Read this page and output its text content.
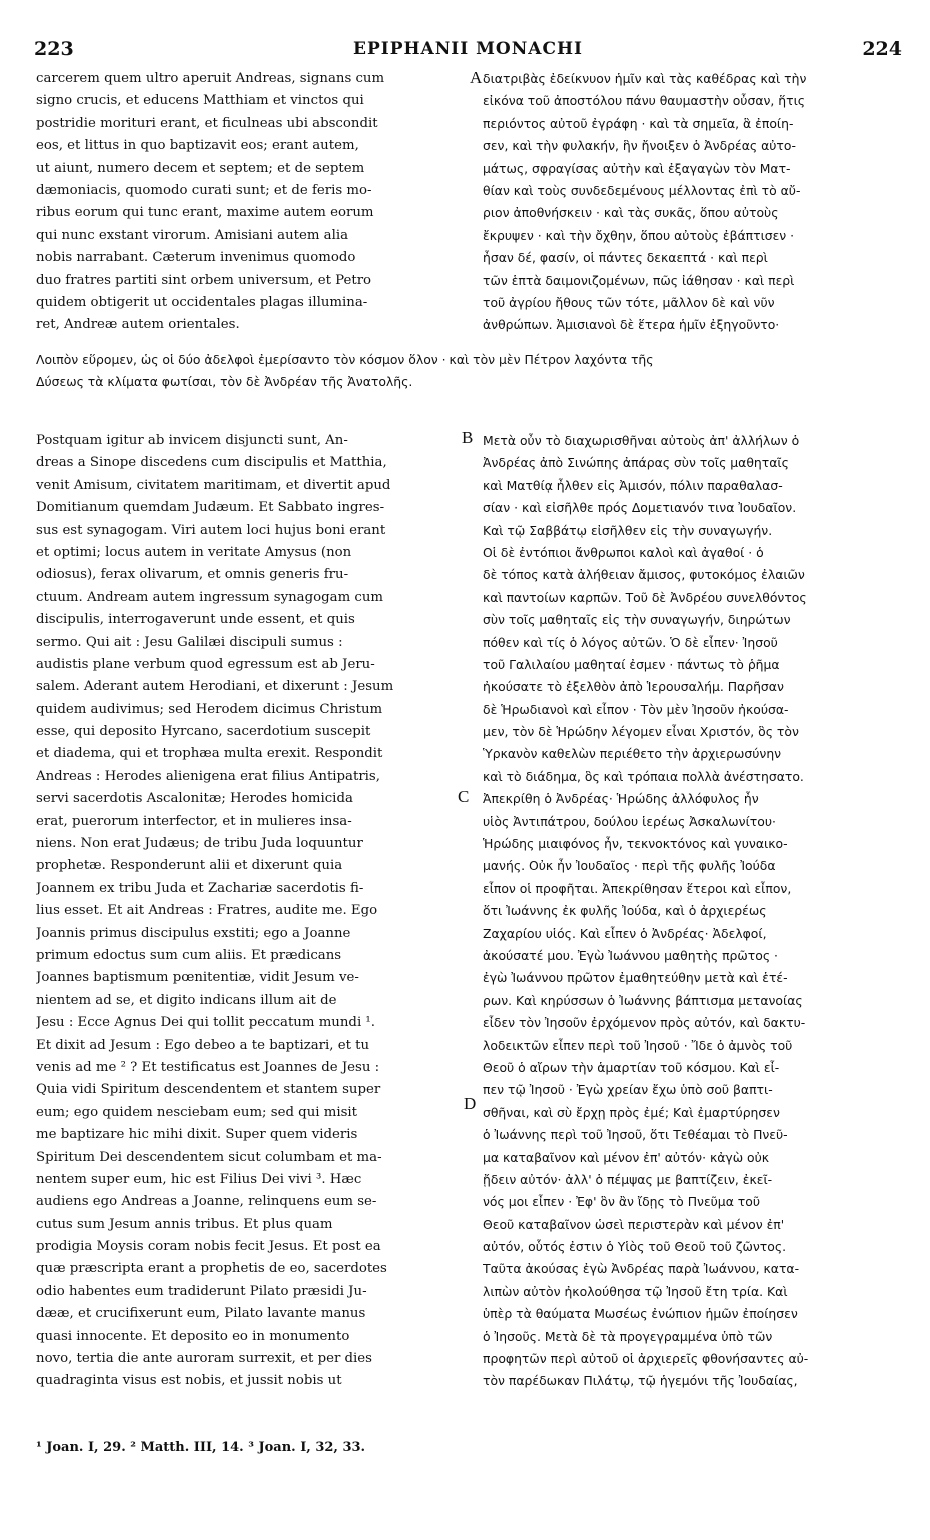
223	EPIPHANII MONACHI	224
carcerem quem ultro aperuit Andreas, signans cum
signo crucis, et educens Matthiam et vinctos qui
postridie morituri erant, et ficulneas ubi abscondit
eos, et littus in quo baptizavit eos; erant autem,
ut aiunt, numero decem et septem; et de septem
dæmoniacis, quomodo curati sunt; et de feris mo-
ribus eorum qui tunc erant, maxime autem eorum
qui nunc exstant virorum. Amisiani autem alia
nobis narrabant. Cæterum invenimus quomodo
duo fratres partiti sint orbem universum, et Petro
quidem obtigerit ut occidentales plagas illumina-
ret, Andreæ autem orientales.
A διατριβὰς ἐδείκνυον ἡμῖν καὶ τὰς καθέδρας καὶ τὴν
εἰκόνα τοῦ ἀποστόλου πάνυ θαυμαστὴν οὖσαν, ἥτις
περιόντος αὐτοῦ ἐγράφη · καὶ τὰ σημεῖα, ἃ ἐποίη-
σεν, καὶ τὴν φυλακήν, ἣν ἤνοιξεν ὁ Ἀνδρέας αὐτο-
μάτως, σφραγίσας αὐτὴν καὶ ἐξαγαγὼν τὸν Ματ-
θίαν καὶ τοὺς συνδεδεμένους μέλλοντας ἐπὶ τὸ αὔ-
ριον ἀποθνήσκειν · καὶ τὰς συκᾶς, ὅπου αὐτοὺς
ἔκρυψεν · καὶ τὴν ὄχθην, ὅπου αὐτοὺς ἐβάπτισεν ·
ἦσαν δέ, φασίν, οἱ πάντες δεκαεπτά · καὶ περὶ
τῶν ἑπτὰ δαιμονιζομένων, πῶς ἰάθησαν · καὶ περὶ
τοῦ ἀγρίου ἤθους τῶν τότε, μᾶλλον δὲ καὶ νῦν
ἀνθρώπων. Ἀμισιανοὶ δὲ ἕτερα ἡμῖν ἐξηγοῦντο·
Λοιπὸν εὕρομεν, ὡς οἱ δύο ἀδελφοὶ ἐμερίσαντο τὸν κόσμον ὅλον · καὶ τὸν μὲν Πέτρον λαχόντα τῆς
Δύσεως τὰ κλίματα φωτίσαι, τὸν δὲ Ἀνδρέαν τῆς Ἀνατολῆς.
Postquam igitur ab invicem disjuncti sunt, An-
dreas a Sinope discedens cum discipulis et Matthia,
venit Amisum, civitatem maritimam, et divertit apud
Domitianum quemdam Judæum. Et Sabbato ingres-
sus est synagogam. Viri autem loci hujus boni erant
et optimi; locus autem in veritate Amysus (non
odiosus), ferax olivarum, et omnis generis fru-
ctuum. Andream autem ingressum synagogam cum
discipulis, interrogaverunt unde essent, et quis
sermo. Qui ait : Jesu Galilæi discipuli sumus :
audistis plane verbum quod egressum est ab Jeru-
salem. Aderant autem Herodiani, et dixerunt : Jesum
quidem audivimus; sed Herodem dicimus Christum
esse, qui deposito Hyrcano, sacerdotium suscepit
et diadema, qui et trophæa multa erexit. Respondit
Andreas : Herodes alienigena erat filius Antipatris,
servi sacerdotis Ascalonitæ; Herodes homicida
erat, puerorum interfector, et in mulieres insa-
niens. Non erat Judæus; de tribu Juda loquuntur
prophetæ. Responderunt alii et dixerunt quia
Joannem ex tribu Juda et Zachariæ sacerdotis fi-
lius esset. Et ait Andreas : Fratres, audite me. Ego
Joannis primus discipulus exstiti; ego a Joanne
primum edoctus sum cum aliis. Et prædicans
Joannes baptismum pœnitentiæ, vidit Jesum ve-
nientem ad se, et digito indicans illum ait de
Jesu : Ecce Agnus Dei qui tollit peccatum mundi ¹.
Et dixit ad Jesum : Ego debeo a te baptizari, et tu
venis ad me ² ? Et testificatus est Joannes de Jesu :
Quia vidi Spiritum descendentem et stantem super
eum; ego quidem nesciebam eum; sed qui misit
me baptizare hic mihi dixit. Super quem videris
Spiritum Dei descendentem sicut columbam et ma-
nentem super eum, hic est Filius Dei vivi ³. Hæc
audiens ego Andreas a Joanne, relinquens eum se-
cutus sum Jesum annis tribus. Et plus quam
prodigia Moysis coram nobis fecit Jesus. Et post ea
quæ præscripta erant a prophetis de eo, sacerdotes
odio habentes eum tradiderunt Pilato præsidi Ju-
dææ, et crucifixerunt eum, Pilato lavante manus
quasi innocente. Et deposito eo in monumento
novo, tertia die ante auroram surrexit, et per dies
quadraginta visus est nobis, et jussit nobis ut
B
C
D
Μετὰ οὖν τὸ διαχωρισθῆναι αὐτοὺς ἀπ' ἀλλήλων ὁ
Ἀνδρέας ἀπὸ Σινώπης ἀπάρας σὺν τοῖς μαθηταῖς
καὶ Ματθίᾳ ἦλθεν εἰς Ἀμισόν, πόλιν παραθαλασ-
σίαν · καὶ εἰσῆλθε πρός Δομετιανόν τινα Ἰουδαῖον.
Καὶ τῷ Σαββάτῳ εἰσῆλθεν εἰς τὴν συναγωγήν.
Οἱ δὲ ἐντόπιοι ἄνθρωποι καλοὶ καὶ ἀγαθοί · ὁ
δὲ τόπος κατὰ ἀλήθειαν ἄμισος, φυτοκόμος ἐλαιῶν
καὶ παντοίων καρπῶν. Τοῦ δὲ Ἀνδρέου συνελθόντος
σὺν τοῖς μαθηταῖς εἰς τὴν συναγωγήν, διηρώτων
πόθεν καὶ τίς ὁ λόγος αὐτῶν. Ὁ δὲ εἶπεν· Ἰησοῦ
τοῦ Γαλιλαίου μαθηταί ἐσμεν · πάντως τὸ ῥῆμα
ἠκούσατε τὸ ἐξελθὸν ἀπὸ Ἱερουσαλήμ. Παρῆσαν
δὲ Ἡρωδιανοὶ καὶ εἶπον · Τὸν μὲν Ἰησοῦν ἠκούσα-
μεν, τὸν δὲ Ἡρώδην λέγομεν εἶναι Χριστόν, ὃς τὸν
Ὑρκανὸν καθελὼν περιέθετο τὴν ἀρχιερωσύνην
καὶ τὸ διάδημα, ὃς καὶ τρόπαια πολλὰ ἀνέστησατο.
Ἀπεκρίθη ὁ Ἀνδρέας· Ἡρώδης ἀλλόφυλος ἦν
υἱὸς Ἀντιπάτρου, δούλου ἱερέως Ἀσκαλωνίτου·
Ἡρώδης μιαιφόνος ἦν, τεκνοκτόνος καὶ γυναικο-
μανής. Οὐκ ἦν Ἰουδαῖος · περὶ τῆς φυλῆς Ἰούδα
εἶπον οἱ προφῆται. Ἀπεκρίθησαν ἕτεροι καὶ εἶπον,
ὅτι Ἰωάννης ἐκ φυλῆς Ἰούδα, καὶ ὁ ἀρχιερέως
Ζαχαρίου υἱός. Καὶ εἶπεν ὁ Ἀνδρέας· Ἀδελφοί,
ἀκούσατέ μου. Ἐγὼ Ἰωάννου μαθητὴς πρῶτος ·
ἐγὼ Ἰωάννου πρῶτον ἐμαθητεύθην μετὰ καὶ ἑτέ-
ρων. Καὶ κηρύσσων ὁ Ἰωάννης βάπτισμα μετανοίας
εἶδεν τὸν Ἰησοῦν ἐρχόμενον πρὸς αὐτόν, καὶ δακτυ-
λοδεικτῶν εἶπεν περὶ τοῦ Ἰησοῦ · Ἴδε ὁ ἀμνὸς τοῦ
Θεοῦ ὁ αἴρων τὴν ἁμαρτίαν τοῦ κόσμου. Καὶ εἶ-
πεν τῷ Ἰησοῦ · Ἐγὼ χρείαν ἔχω ὑπὸ σοῦ βαπτι-
σθῆναι, καὶ σὺ ἔρχῃ πρὸς ἐμέ; Καὶ ἐμαρτύρησεν
ὁ Ἰωάννης περὶ τοῦ Ἰησοῦ, ὅτι Τεθέαμαι τὸ Πνεῦ-
μα καταβαῖνον καὶ μένον ἐπ' αὐτόν· κἀγὼ οὐκ
ᾔδειν αὐτόν· ἀλλ' ὁ πέμψας με βαπτίζειν, ἐκεῖ-
νός μοι εἶπεν · Ἐφ' ὃν ἂν ἴδῃς τὸ Πνεῦμα τοῦ
Θεοῦ καταβαῖνον ὡσεὶ περιστερὰν καὶ μένον ἐπ'
αὐτόν, οὗτός ἐστιν ὁ Υἱὸς τοῦ Θεοῦ τοῦ ζῶντος.
Ταῦτα ἀκούσας ἐγὼ Ἀνδρέας παρὰ Ἰωάννου, κατα-
λιπὼν αὐτὸν ἠκολούθησα τῷ Ἰησοῦ ἔτη τρία. Καὶ
ὑπὲρ τὰ θαύματα Μωσέως ἐνώπιον ἡμῶν ἐποίησεν
ὁ Ἰησοῦς. Μετὰ δὲ τὰ προγεγραμμένα ὑπὸ τῶν
προφητῶν περὶ αὐτοῦ οἱ ἀρχιερεῖς φθονήσαντες αὐ-
τὸν παρέδωκαν Πιλάτῳ, τῷ ἡγεμόνι τῆς Ἰουδαίας,
¹ Joan. I, 29. ² Matth. III, 14. ³ Joan. I, 32, 33.
